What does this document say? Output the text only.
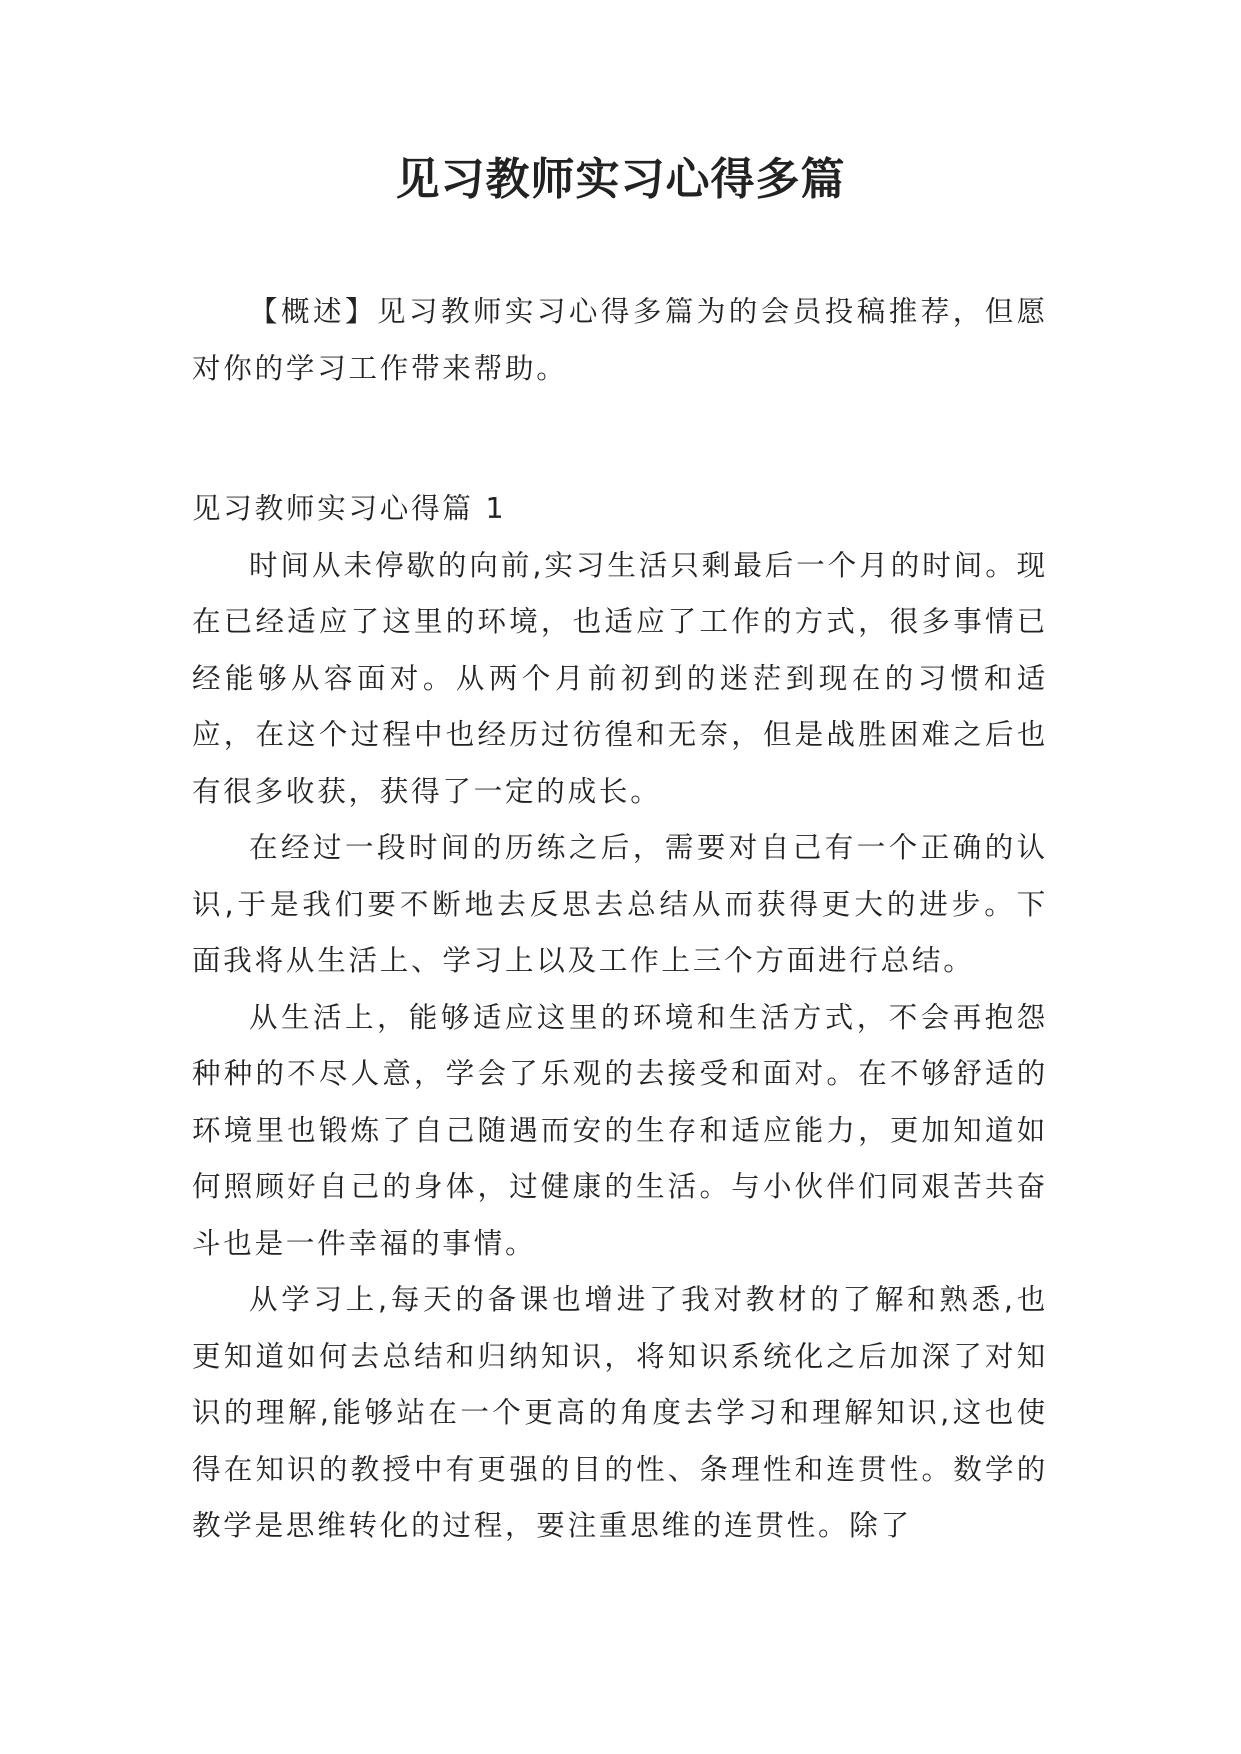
见习教师实习心得多篇

【概述】见习教师实习心得多篇为的会员投稿推荐，但愿对你的学习工作带来帮助。

见习教师实习心得篇 1

时间从未停歇的向前,实习生活只剩最后一个月的时间。现在已经适应了这里的环境，也适应了工作的方式，很多事情已经能够从容面对。从两个月前初到的迷茫到现在的习惯和适应，在这个过程中也经历过彷徨和无奈，但是战胜困难之后也有很多收获，获得了一定的成长。

在经过一段时间的历练之后，需要对自己有一个正确的认识,于是我们要不断地去反思去总结从而获得更大的进步。下面我将从生活上、学习上以及工作上三个方面进行总结。

从生活上，能够适应这里的环境和生活方式，不会再抱怨种种的不尽人意，学会了乐观的去接受和面对。在不够舒适的环境里也锻炼了自己随遇而安的生存和适应能力，更加知道如何照顾好自己的身体，过健康的生活。与小伙伴们同艰苦共奋斗也是一件幸福的事情。

从学习上,每天的备课也增进了我对教材的了解和熟悉,也更知道如何去总结和归纳知识，将知识系统化之后加深了对知识的理解,能够站在一个更高的角度去学习和理解知识,这也使得在知识的教授中有更强的目的性、条理性和连贯性。数学的教学是思维转化的过程，要注重思维的连贯性。除了
